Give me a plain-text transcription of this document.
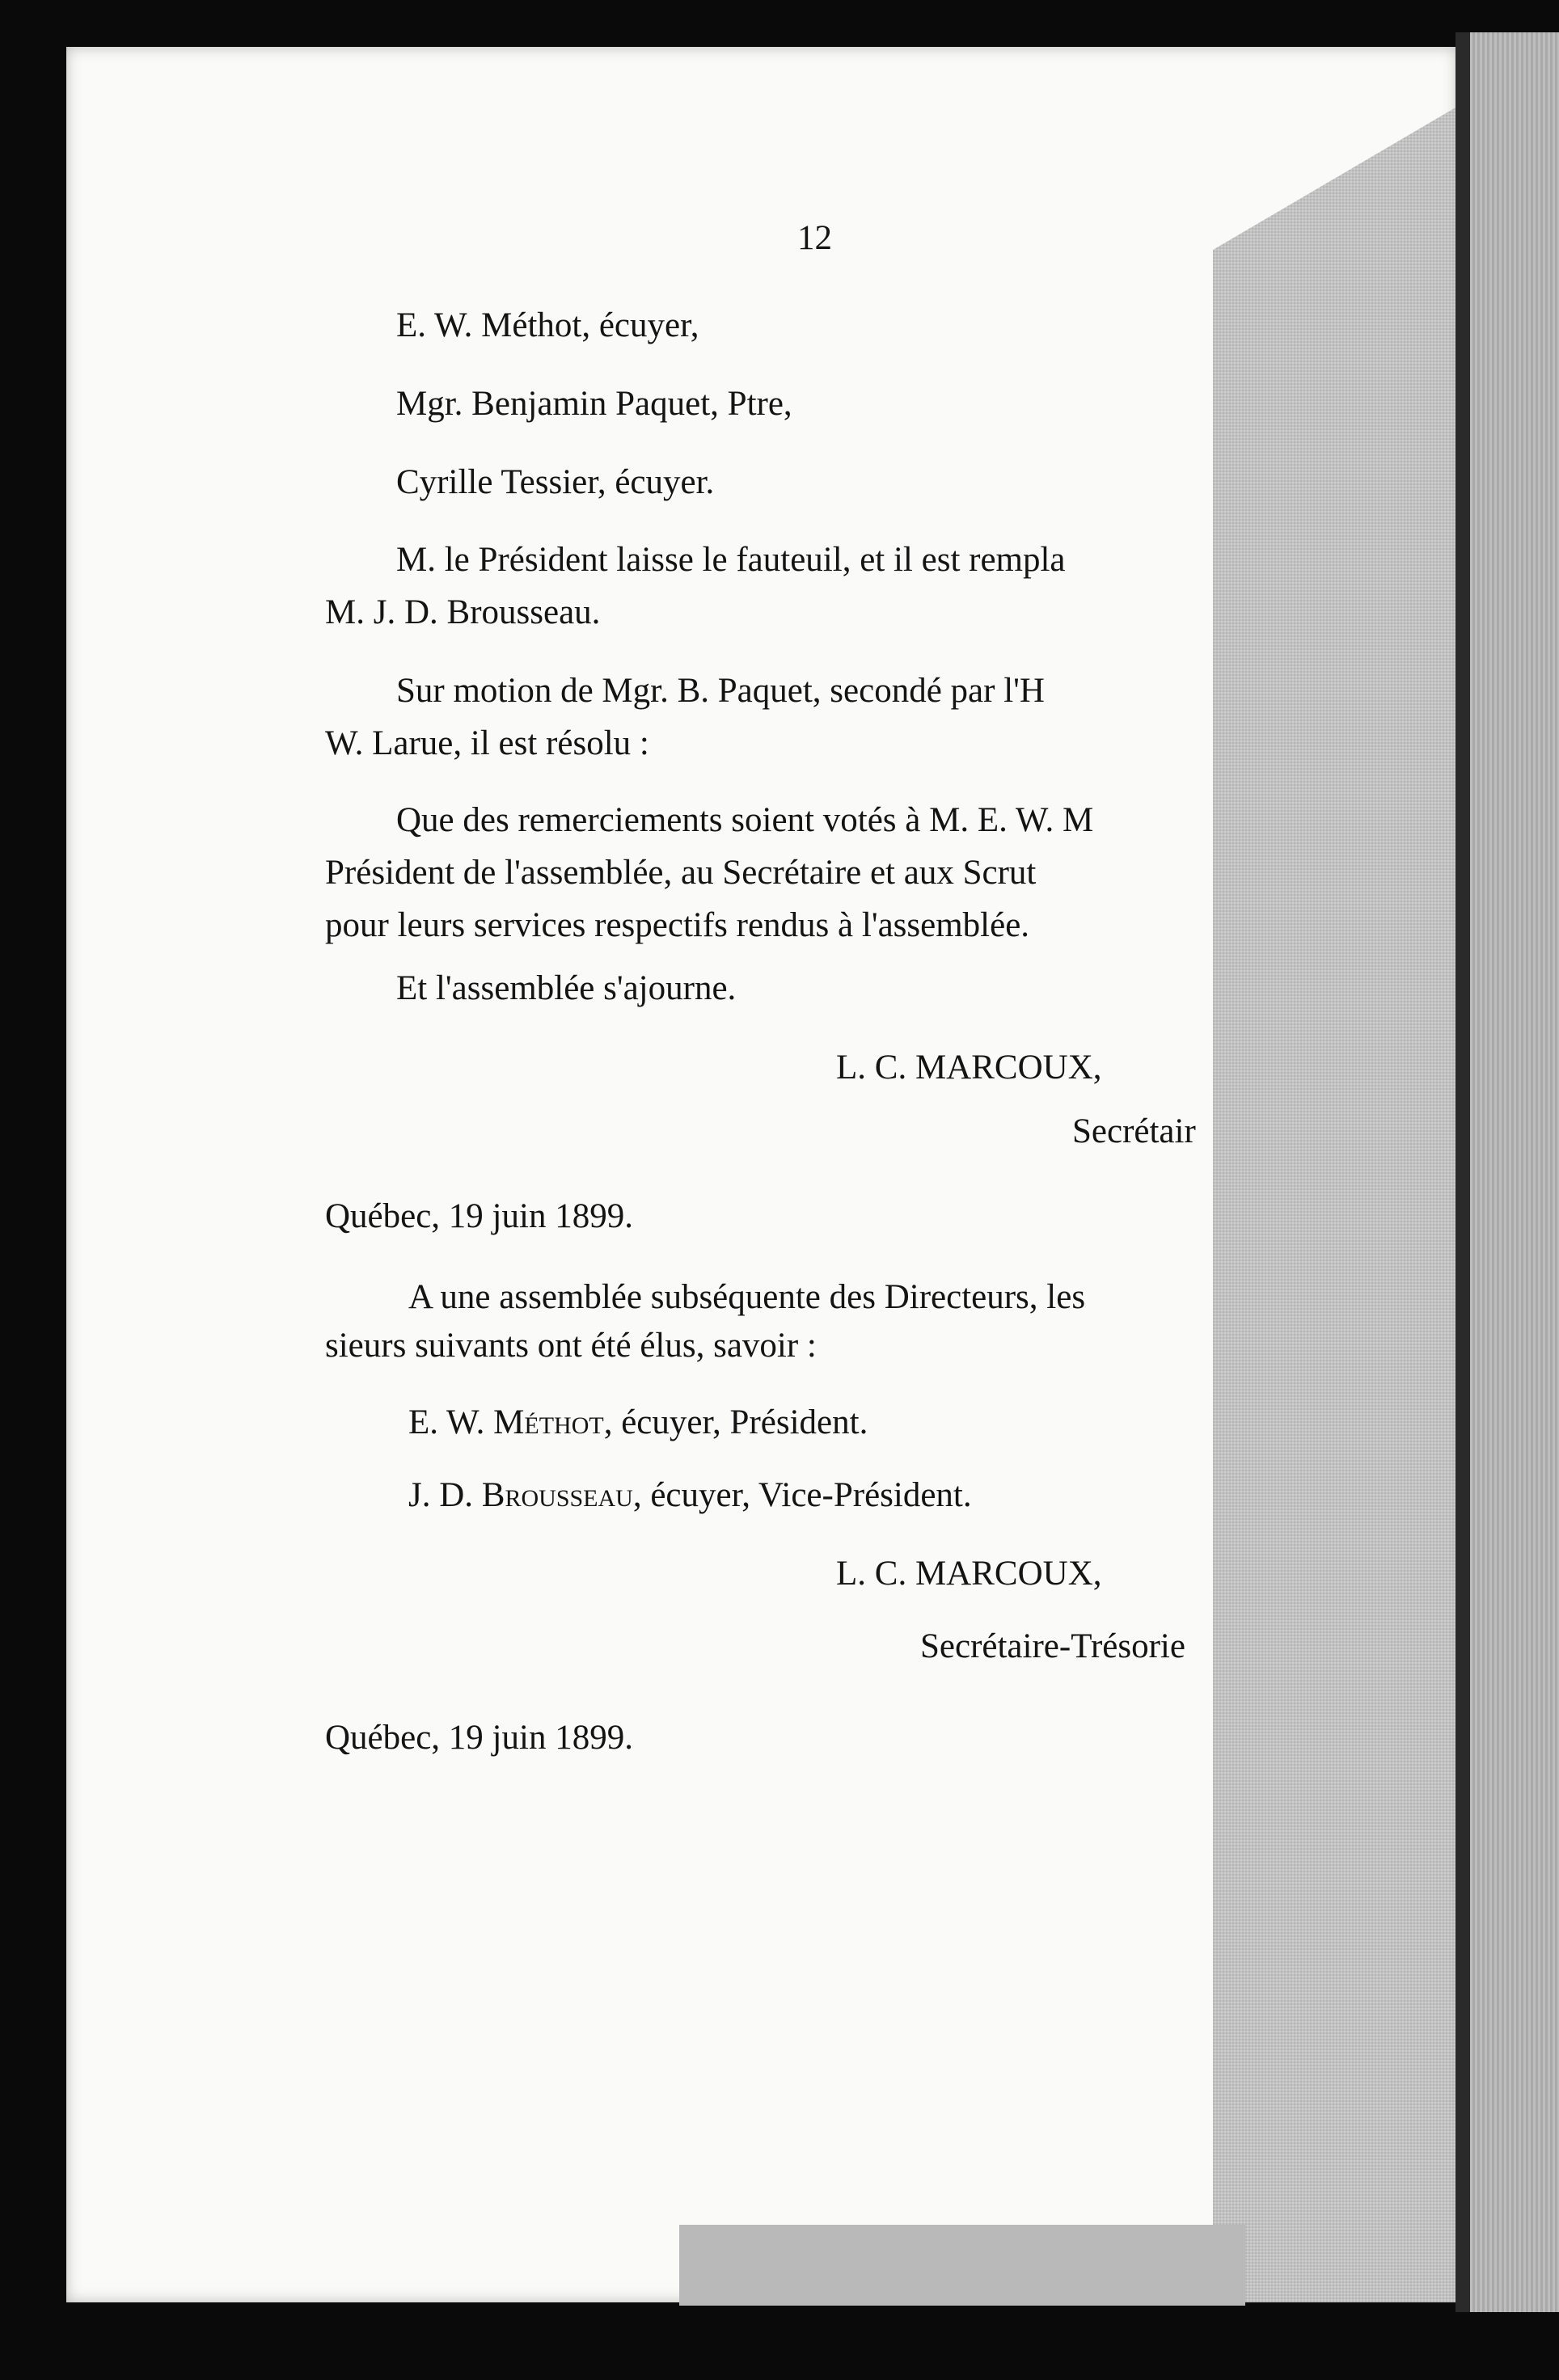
12
E. W. Méthot, écuyer,
Mgr. Benjamin Paquet, Ptre,
Cyrille Tessier, écuyer.
M. le Président laisse le fauteuil, et il est rempla
M. J. D. Brousseau.
Sur motion de Mgr. B. Paquet, secondé par l'H
W. Larue, il est résolu :
Que des remerciements soient votés à M. E. W. M
Président de l'assemblée, au Secrétaire et aux Scrut
pour leurs services respectifs rendus à l'assemblée.
Et l'assemblée s'ajourne.
L. C. MARCOUX,
Secrétair
Québec, 19 juin 1899.
A une assemblée subséquente des Directeurs, les
sieurs suivants ont été élus, savoir :
E. W. Méthot, écuyer, Président.
J. D. Brousseau, écuyer, Vice-Président.
L. C. MARCOUX,
Secrétaire-Trésorie
Québec, 19 juin 1899.
